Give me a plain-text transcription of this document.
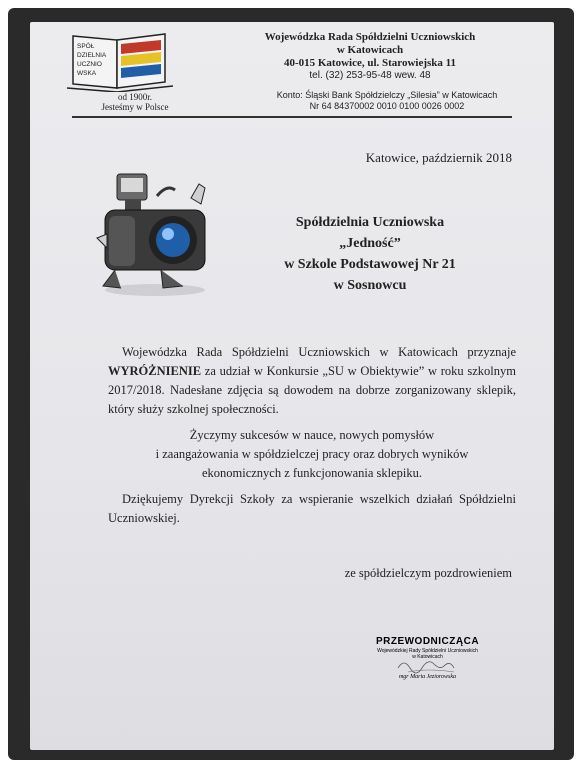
SPÓŁ
DZIELNIA
UCZNIO
WSKA
od 1900r.
Jesteśmy w Polsce
Wojewódzka Rada Spółdzielni Uczniowskich
w Katowicach
40-015 Katowice, ul. Starowiejska 11
tel. (32) 253-95-48 wew. 48
Konto: Śląski Bank Spółdzielczy „Silesia” w Katowicach
Nr 64 84370002 0010 0100 0026 0002
Katowice, październik 2018
Spółdzielnia Uczniowska
„Jedność”
w Szkole Podstawowej Nr 21
w Sosnowcu

Wojewódzka Rada Spółdzielni Uczniowskich w Katowicach przyznaje WYRÓŻNIENIE za udział w Konkursie „SU w Obiektywie” w roku szkolnym 2017/2018. Nadesłane zdjęcia są dowodem na dobrze zorganizowany sklepik, który służy szkolnej społeczności.

Życzymy sukcesów w nauce, nowych pomysłów
i zaangażowania w spółdzielczej pracy oraz dobrych wyników
ekonomicznych z funkcjonowania sklepiku.

Dziękujemy Dyrekcji Szkoły za wspieranie wszelkich działań Spółdzielni Uczniowskiej.

ze spółdzielczym pozdrowieniem
PRZEWODNICZĄCA
Wojewódzkiej Rady Spółdzielni Uczniowskich
w Katowicach
mgr Maria Jeziorowska
